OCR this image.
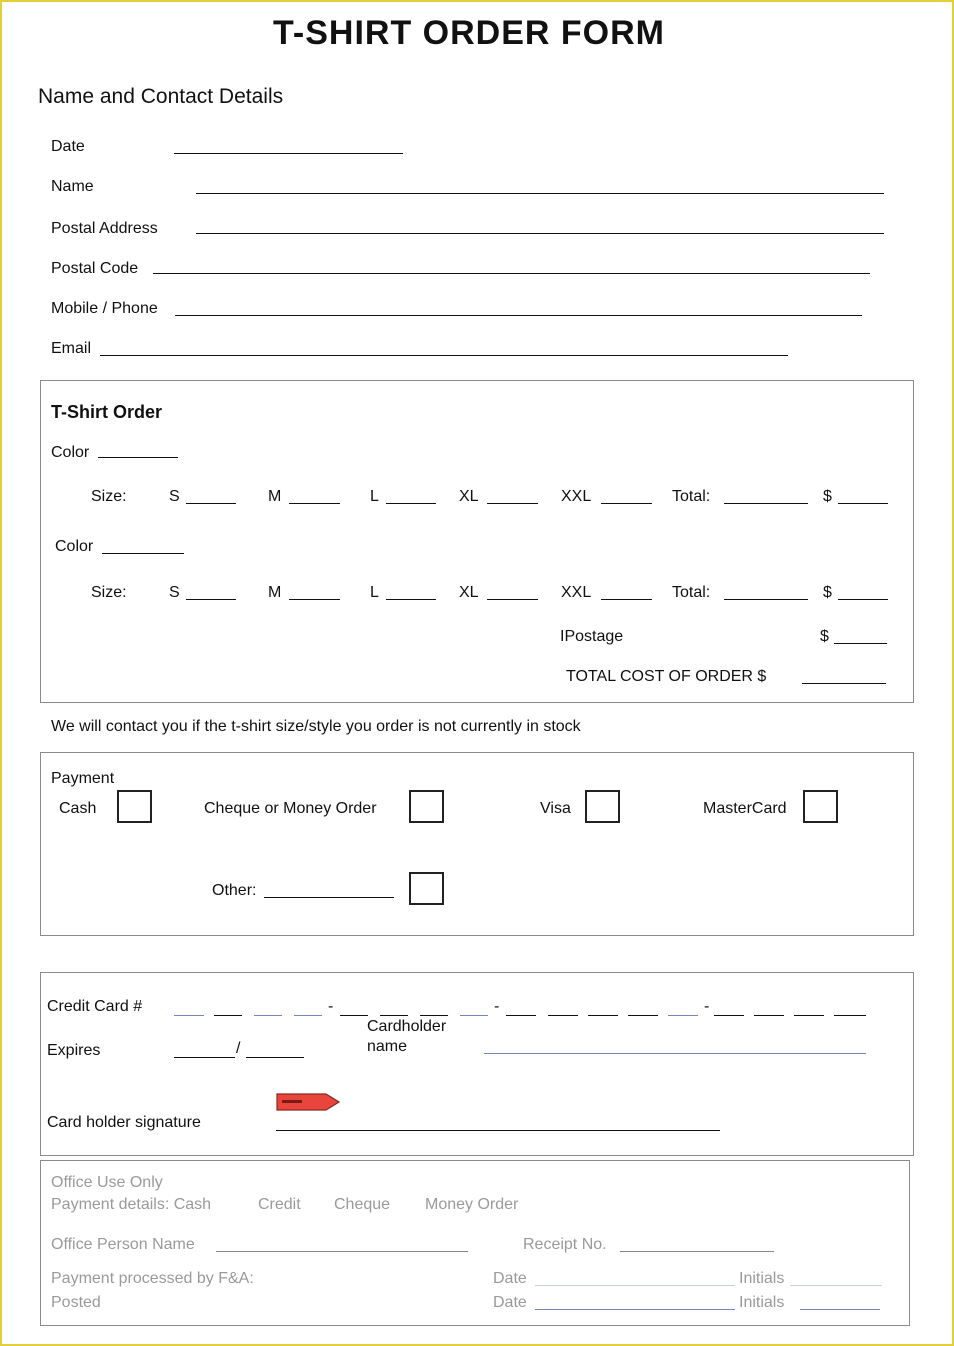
T-SHIRT ORDER FORM
Name and Contact Details
Date
Name
Postal Address
Postal Code
Mobile / Phone
Email
T-Shirt Order
Color
Size:	S	M	L	XL	XXL	Total:	$
Color
Size:	S	M	L	XL	XXL	Total:	$
IPostage	$
TOTAL COST OF ORDER $
We will contact you if the t-shirt size/style you order is not currently in stock
Payment
Cash	Cheque or Money Order	Visa	MasterCard
Other:
Credit Card #	-	-	-
Expires	/
Cardholder
name
Card holder signature
Office Use Only
Payment details: Cash	Credit Cheque Money Order
Office Person Name	Receipt No.
Payment processed by F&A:	Date	Initials
Posted	Date	Initials
